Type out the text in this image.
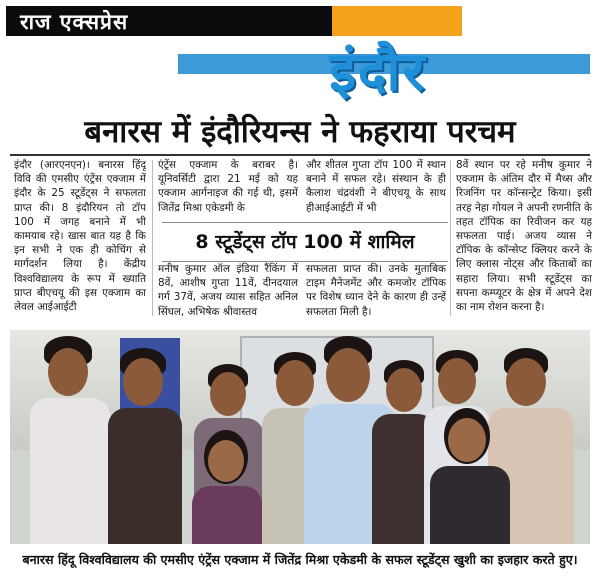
राज एक्सप्रेस
इंदौर
बनारस में इंदौरियन्स ने फहराया परचम

इंदौर (आरएनएन)। बनारस हिंदू विवि की एमसीए एंट्रेंस एक्जाम में इंदौर के 25 स्टूडेंट्स ने सफलता प्राप्त की। 8 इंदौरियन तो टॉप 100 में जगह बनाने में भी कामयाब रहे। खास बात यह है कि इन सभी ने एक ही कोचिंग से मार्गदर्शन लिया है। केंद्रीय विश्वविद्यालय के रूप में ख्याति प्राप्त बीएचयू की इस एक्जाम का लेवल आईआईटी

एंट्रेंस एक्जाम के बराबर है। यूनिवर्सिटी द्वारा 21 मई को यह एक्जाम आर्गनाइज की गई थी, इसमें जितेंद्र मिश्रा एकेडमी के

और शीतल गुप्ता टॉप 100 में स्थान बनाने में सफल रहे। संस्थान के ही कैलाश चंद्रवंशी ने बीएचयू के साथ हीआईआईटी में भी

8वें स्थान पर रहे मनीष कुमार ने एक्जाम के अंतिम दौर में मैथ्स और रिजनिंग पर कॉन्सन्ट्रेट किया। इसी तरह नेहा गोयल ने अपनी रणनीति के तहत टॉपिक का रिवीजन कर यह सफलता पाई। अजय व्यास ने टॉपिक के कॉन्सेप्ट क्लियर करने के लिए क्लास नोट्स और किताबों का सहारा लिया। सभी स्टूडेंट्स का सपना कम्प्यूटर के क्षेत्र में अपने देश का नाम रोशन करना है।

8 स्टूडेंट्स टॉप 100 में शामिल

मनीष कुमार ऑल इंडिया रैंकिंग में 8वें, आशीष गुप्ता 11वें, दीनदयाल गर्ग 37वें, अजय व्यास सहित अनिल सिंघल, अभिषेक श्रीवास्तव

सफलता प्राप्त की। उनके मुताबिक टाइम मैनेजमेंट और कमजोर टॉपिक पर विशेष ध्यान देने के कारण ही उन्हें सफलता मिली है।

बनारस हिंदू विश्वविद्यालय की एमसीए एंट्रेंस एक्जाम में जितेंद्र मिश्रा एकेडमी के सफल स्टूडेंट्स खुशी का इजहार करते हुए।
